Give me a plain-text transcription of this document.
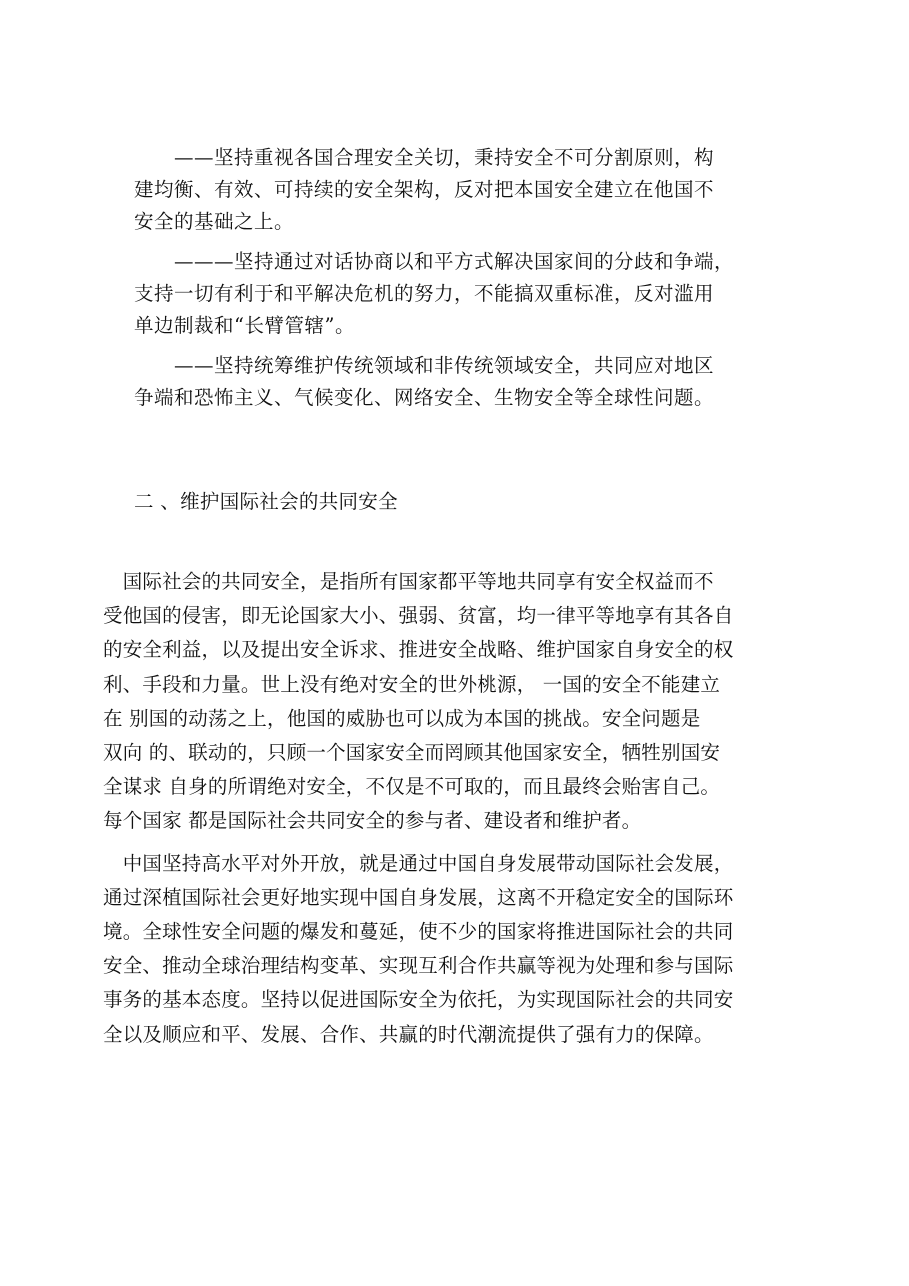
　　——坚持重视各国合理安全关切，秉持安全不可分割原则，构
建均衡、有效、可持续的安全架构，反对把本国安全建立在他国不
安全的基础之上。
　　———坚持通过对话协商以和平方式解决国家间的分歧和争端，
支持一切有利于和平解决危机的努力，不能搞双重标准，反对滥用
单边制裁和“长臂管辖”。
　　——坚持统筹维护传统领域和非传统领域安全，共同应对地区
争端和恐怖主义、气候变化、网络安全、生物安全等全球性问题。
二 、维护国际社会的共同安全
　国际社会的共同安全，是指所有国家都平等地共同享有安全权益而不
受他国的侵害，即无论国家大小、强弱、贫富，均一律平等地享有其各自
的安全利益，以及提出安全诉求、推进安全战略、维护国家自身安全的权
利、手段和力量。世上没有绝对安全的世外桃源， 一国的安全不能建立
在 别国的动荡之上，他国的威胁也可以成为本国的挑战。安全问题是
双向 的、联动的，只顾一个国家安全而罔顾其他国家安全，牺牲别国安
全谋求 自身的所谓绝对安全，不仅是不可取的，而且最终会贻害自己。
每个国家 都是国际社会共同安全的参与者、建设者和维护者。
　中国坚持高水平对外开放，就是通过中国自身发展带动国际社会发展，
通过深植国际社会更好地实现中国自身发展，这离不开稳定安全的国际环
境。全球性安全问题的爆发和蔓延，使不少的国家将推进国际社会的共同
安全、推动全球治理结构变革、实现互利合作共赢等视为处理和参与国际
事务的基本态度。坚持以促进国际安全为依托，为实现国际社会的共同安
全以及顺应和平、发展、合作、共赢的时代潮流提供了强有力的保障。
